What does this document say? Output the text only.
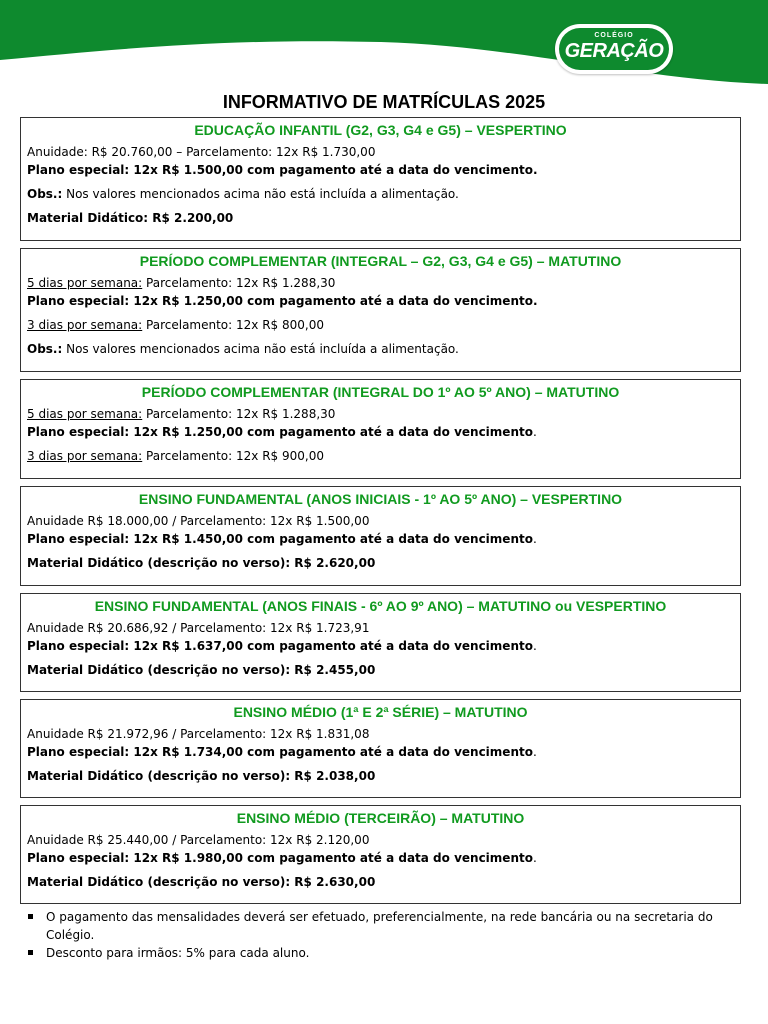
COLÉGIO
GERAÇÃO
INFORMATIVO DE MATRÍCULAS 2025
EDUCAÇÃO INFANTIL (G2, G3, G4 e G5) – VESPERTINO
Anuidade: R$ 20.760,00 – Parcelamento: 12x R$ 1.730,00
Plano especial: 12x R$ 1.500,00 com pagamento até a data do vencimento.
Obs.: Nos valores mencionados acima não está incluída a alimentação.
Material Didático: R$ 2.200,00
PERÍODO COMPLEMENTAR (INTEGRAL – G2, G3, G4 e G5) – MATUTINO
5 dias por semana: Parcelamento: 12x R$ 1.288,30
Plano especial: 12x R$ 1.250,00 com pagamento até a data do vencimento.
3 dias por semana: Parcelamento: 12x R$ 800,00
Obs.: Nos valores mencionados acima não está incluída a alimentação.
PERÍODO COMPLEMENTAR (INTEGRAL DO 1º AO 5º ANO) – MATUTINO
5 dias por semana: Parcelamento: 12x R$ 1.288,30
Plano especial: 12x R$ 1.250,00 com pagamento até a data do vencimento.
3 dias por semana: Parcelamento: 12x R$ 900,00
ENSINO FUNDAMENTAL (ANOS INICIAIS - 1º AO 5º ANO) – VESPERTINO
Anuidade R$ 18.000,00 / Parcelamento: 12x R$ 1.500,00
Plano especial: 12x R$ 1.450,00 com pagamento até a data do vencimento.
Material Didático (descrição no verso): R$ 2.620,00
ENSINO FUNDAMENTAL (ANOS FINAIS - 6º AO 9º ANO) – MATUTINO ou VESPERTINO
Anuidade R$ 20.686,92 / Parcelamento: 12x R$ 1.723,91
Plano especial: 12x R$ 1.637,00 com pagamento até a data do vencimento.
Material Didático (descrição no verso): R$ 2.455,00
ENSINO MÉDIO (1ª E 2ª SÉRIE) – MATUTINO
Anuidade R$ 21.972,96 / Parcelamento: 12x R$ 1.831,08
Plano especial: 12x R$ 1.734,00 com pagamento até a data do vencimento.
Material Didático (descrição no verso): R$ 2.038,00
ENSINO MÉDIO (TERCEIRÃO) – MATUTINO
Anuidade R$ 25.440,00 / Parcelamento: 12x R$ 2.120,00
Plano especial: 12x R$ 1.980,00 com pagamento até a data do vencimento.
Material Didático (descrição no verso): R$ 2.630,00
O pagamento das mensalidades deverá ser efetuado, preferencialmente, na rede bancária ou na secretaria do Colégio.
Desconto para irmãos: 5% para cada aluno.
